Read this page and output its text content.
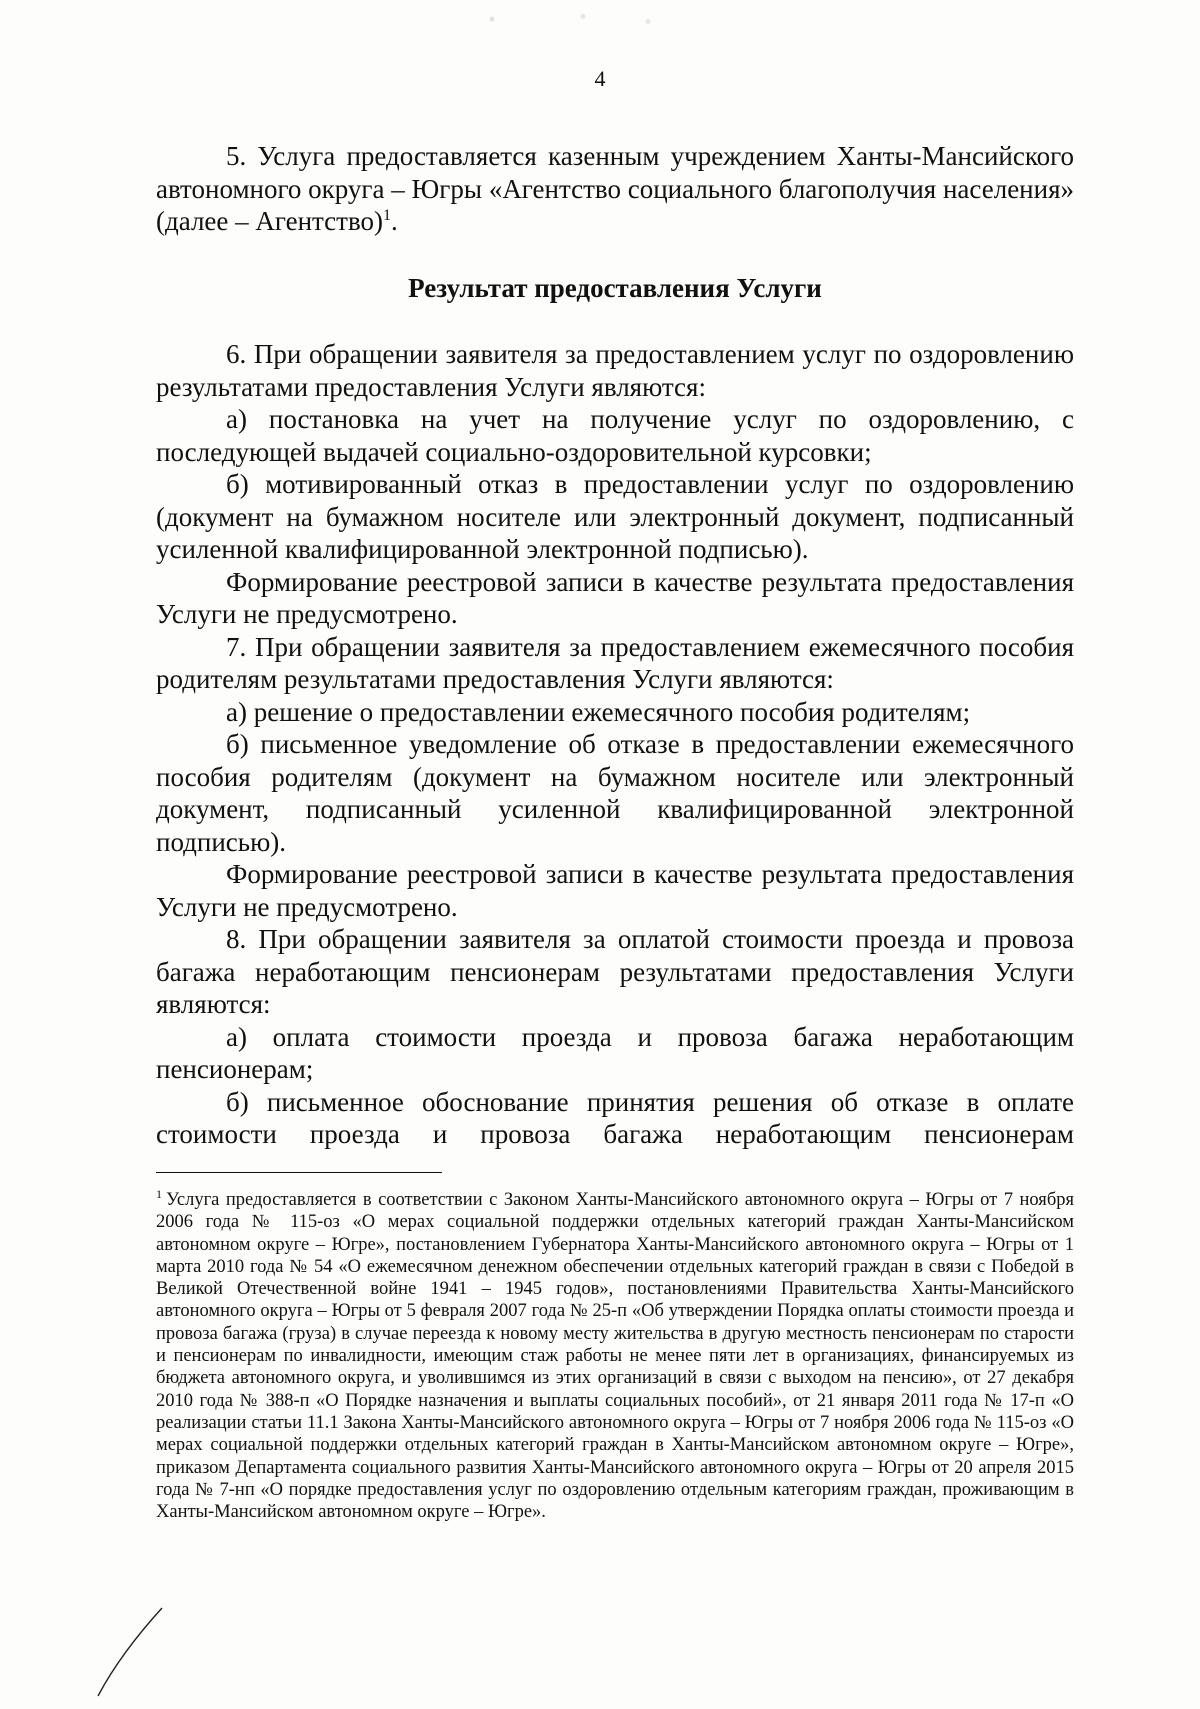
4

5. Услуга предоставляется казенным учреждением Ханты-Мансийского автономного округа – Югры «Агентство социального благополучия населения» (далее – Агентство)$^1$.

Результат предоставления Услуги

6. При обращении заявителя за предоставлением услуг по оздоровлению результатами предоставления Услуги являются:

а) постановка на учет на получение услуг по оздоровлению, с последующей выдачей социально-оздоровительной курсовки;

б) мотивированный отказ в предоставлении услуг по оздоровлению (документ на бумажном носителе или электронный документ, подписанный усиленной квалифицированной электронной подписью).

Формирование реестровой записи в качестве результата предоставления Услуги не предусмотрено.

7. При обращении заявителя за предоставлением ежемесячного пособия родителям результатами предоставления Услуги являются:

а) решение о предоставлении ежемесячного пособия родителям;

б) письменное уведомление об отказе в предоставлении ежемесячного пособия родителям (документ на бумажном носителе или электронный документ, подписанный усиленной квалифицированной электронной подписью).

Формирование реестровой записи в качестве результата предоставления Услуги не предусмотрено.

8. При обращении заявителя за оплатой стоимости проезда и провоза багажа неработающим пенсионерам результатами предоставления Услуги являются:

а) оплата стоимости проезда и провоза багажа неработающим пенсионерам;

б) письменное обоснование принятия решения об отказе в оплате стоимости проезда и провоза багажа неработающим пенсионерам

$^1$ Услуга предоставляется в соответствии с Законом Ханты-Мансийского автономного округа – Югры от 7 ноября 2006 года № 115-оз «О мерах социальной поддержки отдельных категорий граждан Ханты-Мансийском автономном округе – Югре», постановлением Губернатора Ханты-Мансийского автономного округа – Югры от 1 марта 2010 года № 54 «О ежемесячном денежном обеспечении отдельных категорий граждан в связи с Победой в Великой Отечественной войне 1941 – 1945 годов», постановлениями Правительства Ханты-Мансийского автономного округа – Югры от 5 февраля 2007 года № 25-п «Об утверждении Порядка оплаты стоимости проезда и провоза багажа (груза) в случае переезда к новому месту жительства в другую местность пенсионерам по старости и пенсионерам по инвалидности, имеющим стаж работы не менее пяти лет в организациях, финансируемых из бюджета автономного округа, и уволившимся из этих организаций в связи с выходом на пенсию», от 27 декабря 2010 года № 388-п «О Порядке назначения и выплаты социальных пособий», от 21 января 2011 года № 17-п «О реализации статьи 11.1 Закона Ханты-Мансийского автономного округа – Югры от 7 ноября 2006 года № 115-оз «О мерах социальной поддержки отдельных категорий граждан в Ханты-Мансийском автономном округе – Югре», приказом Департамента социального развития Ханты-Мансийского автономного округа – Югры от 20 апреля 2015 года № 7-нп «О порядке предоставления услуг по оздоровлению отдельным категориям граждан, проживающим в Ханты-Мансийском автономном округе – Югре».
